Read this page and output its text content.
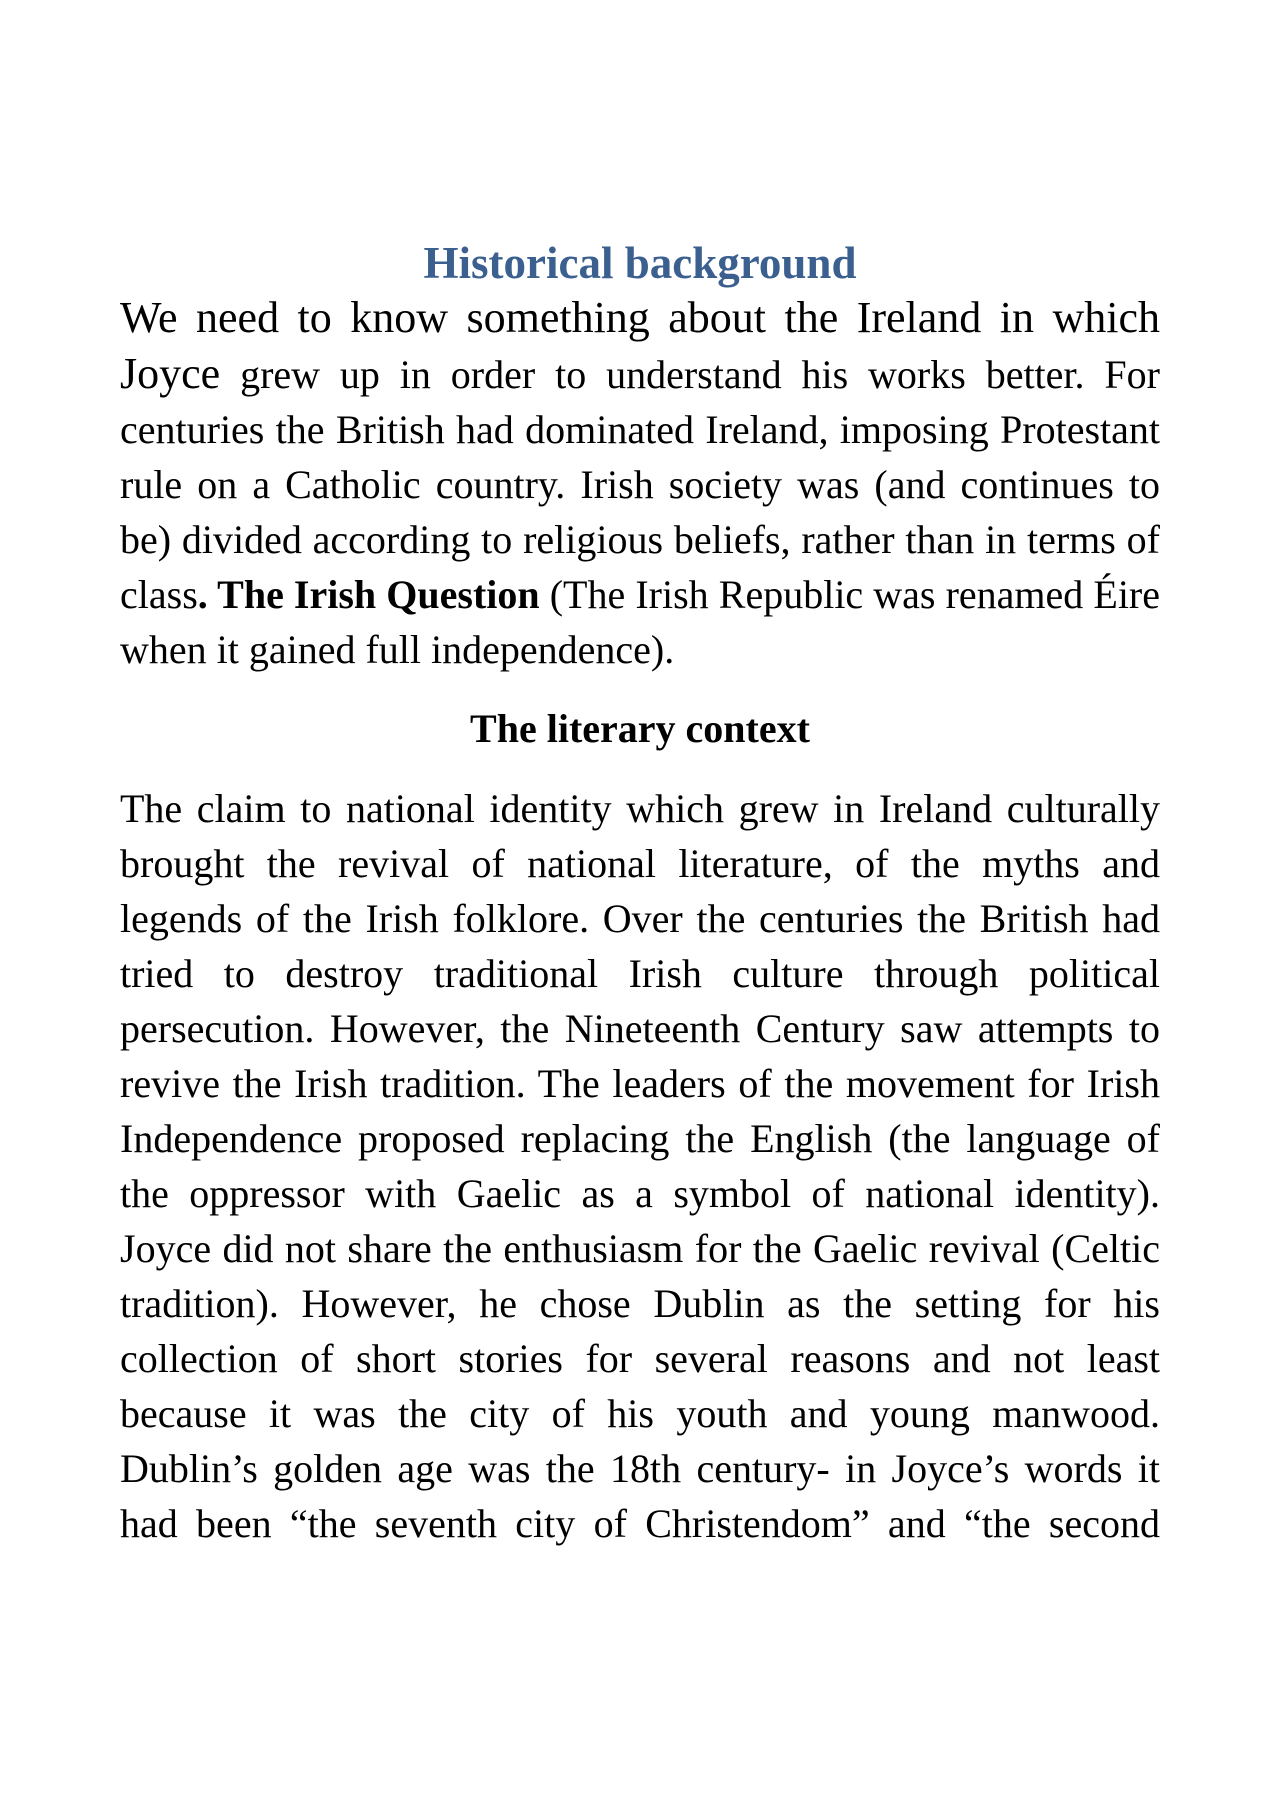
Historical background

We need to know something about the Ireland in which Joyce grew up in order to understand his works better. For centuries the British had dominated Ireland, imposing Protestant rule on a Catholic country. Irish society was (and continues to be) divided according to religious beliefs, rather than in terms of class. The Irish Question (The Irish Republic was renamed Éire when it gained full independence).

The literary context

The claim to national identity which grew in Ireland culturally brought the revival of national literature, of the myths and legends of the Irish folklore. Over the centuries the British had tried to destroy traditional Irish culture through political persecution. However, the Nineteenth Century saw attempts to revive the Irish tradition. The leaders of the movement for Irish Independence proposed replacing the English (the language of the oppressor with Gaelic as a symbol of national identity). Joyce did not share the enthusiasm for the Gaelic revival (Celtic tradition). However, he chose Dublin as the setting for his collection of short stories for several reasons and not least because it was the city of his youth and young manwood. Dublin’s golden age was the 18th century- in Joyce’s words it had been “the seventh city of Christendom” and “the second
